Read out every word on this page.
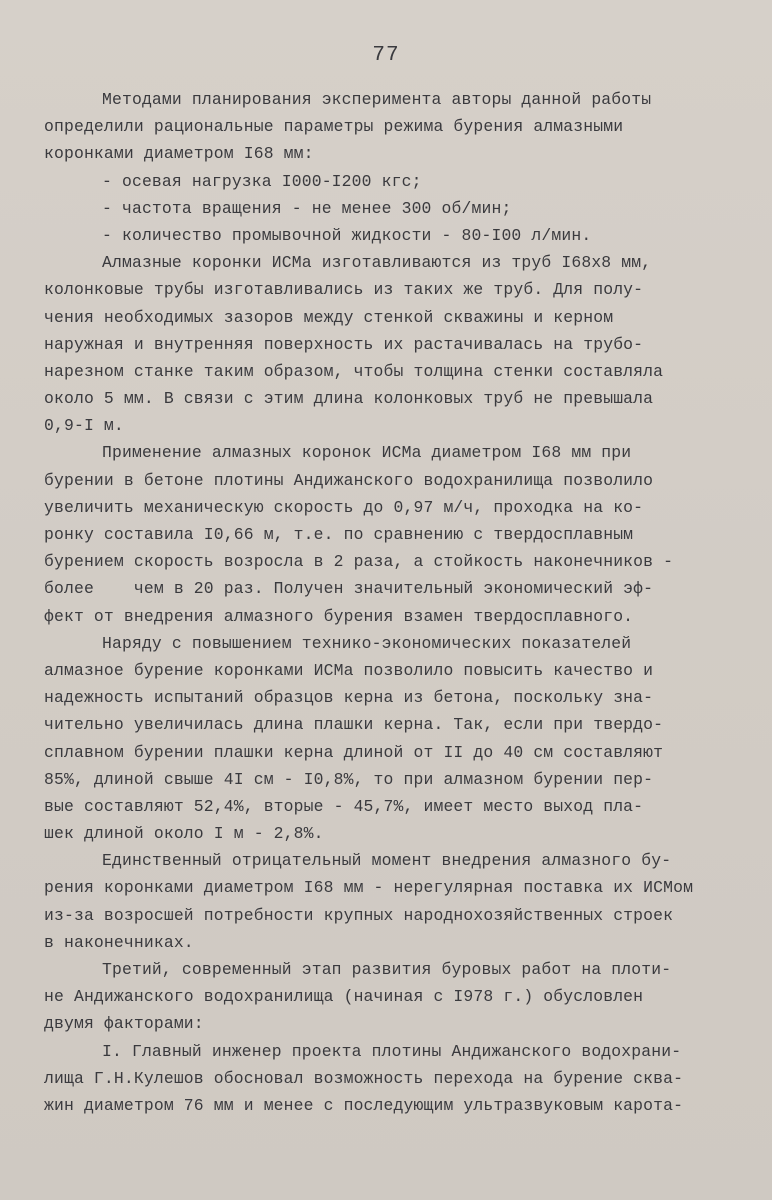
77
Методами планирования эксперимента авторы данной работы
определили рациональные параметры режима бурения алмазными
коронками диаметром I68 мм:
- осевая нагрузка I000-I200 кгс;
- частота вращения - не менее 300 об/мин;
- количество промывочной жидкости - 80-I00 л/мин.
Алмазные коронки ИСМа изготавливаются из труб I68х8 мм,
колонковые трубы изготавливались из таких же труб. Для полу-
чения необходимых зазоров между стенкой скважины и керном
наружная и внутренняя поверхность их растачивалась на трубо-
нарезном станке таким образом, чтобы толщина стенки составляла
около 5 мм. В связи с этим длина колонковых труб не превышала
0,9-I м.
Применение алмазных коронок ИСМа диаметром I68 мм при
бурении в бетоне плотины Андижанского водохранилища позволило
увеличить механическую скорость до 0,97 м/ч, проходка на ко-
ронку составила I0,66 м, т.е. по сравнению с твердосплавным
бурением скорость возросла в 2 раза, а стойкость наконечников -
более    чем в 20 раз. Получен значительный экономический эф-
фект от внедрения алмазного бурения взамен твердосплавного.
Наряду с повышением технико-экономических показателей
алмазное бурение коронками ИСМа позволило повысить качество и
надежность испытаний образцов керна из бетона, поскольку зна-
чительно увеличилась длина плашки керна. Так, если при твердо-
сплавном бурении плашки керна длиной от II до 40 см составляют
85%, длиной свыше 4I см - I0,8%, то при алмазном бурении пер-
вые составляют 52,4%, вторые - 45,7%, имеет место выход пла-
шек длиной около I м - 2,8%.
Единственный отрицательный момент внедрения алмазного бу-
рения коронками диаметром I68 мм - нерегулярная поставка их ИСМом
из-за возросшей потребности крупных народнохозяйственных строек
в наконечниках.
Третий, современный этап развития буровых работ на плоти-
не Андижанского водохранилища (начиная с I978 г.) обусловлен
двумя факторами:
I. Главный инженер проекта плотины Андижанского водохрани-
лища Г.Н.Кулешов обосновал возможность перехода на бурение сква-
жин диаметром 76 мм и менее с последующим ультразвуковым карота-
